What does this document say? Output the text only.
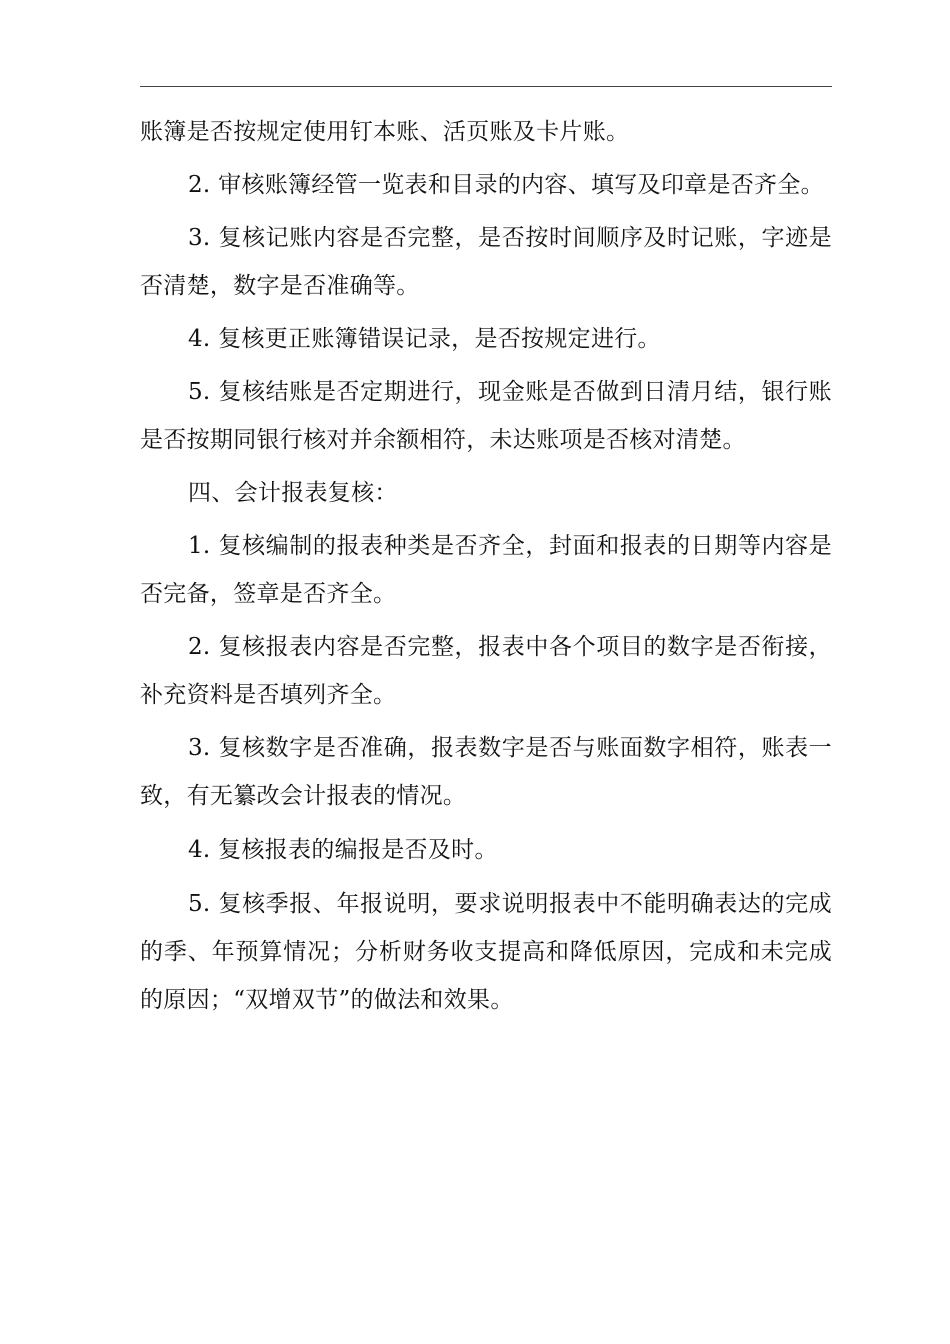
账簿是否按规定使用钉本账、活页账及卡片账。

2. 审核账簿经管一览表和目录的内容、填写及印章是否齐全。

3. 复核记账内容是否完整，是否按时间顺序及时记账，字迹是否清楚，数字是否准确等。

4. 复核更正账簿错误记录，是否按规定进行。

5. 复核结账是否定期进行，现金账是否做到日清月结，银行账是否按期同银行核对并余额相符，未达账项是否核对清楚。

四、会计报表复核：

1. 复核编制的报表种类是否齐全，封面和报表的日期等内容是否完备，签章是否齐全。

2. 复核报表内容是否完整，报表中各个项目的数字是否衔接，补充资料是否填列齐全。

3. 复核数字是否准确，报表数字是否与账面数字相符，账表一致，有无纂改会计报表的情况。

4. 复核报表的编报是否及时。

5. 复核季报、年报说明，要求说明报表中不能明确表达的完成的季、年预算情况；分析财务收支提高和降低原因，完成和未完成的原因；“双增双节”的做法和效果。
